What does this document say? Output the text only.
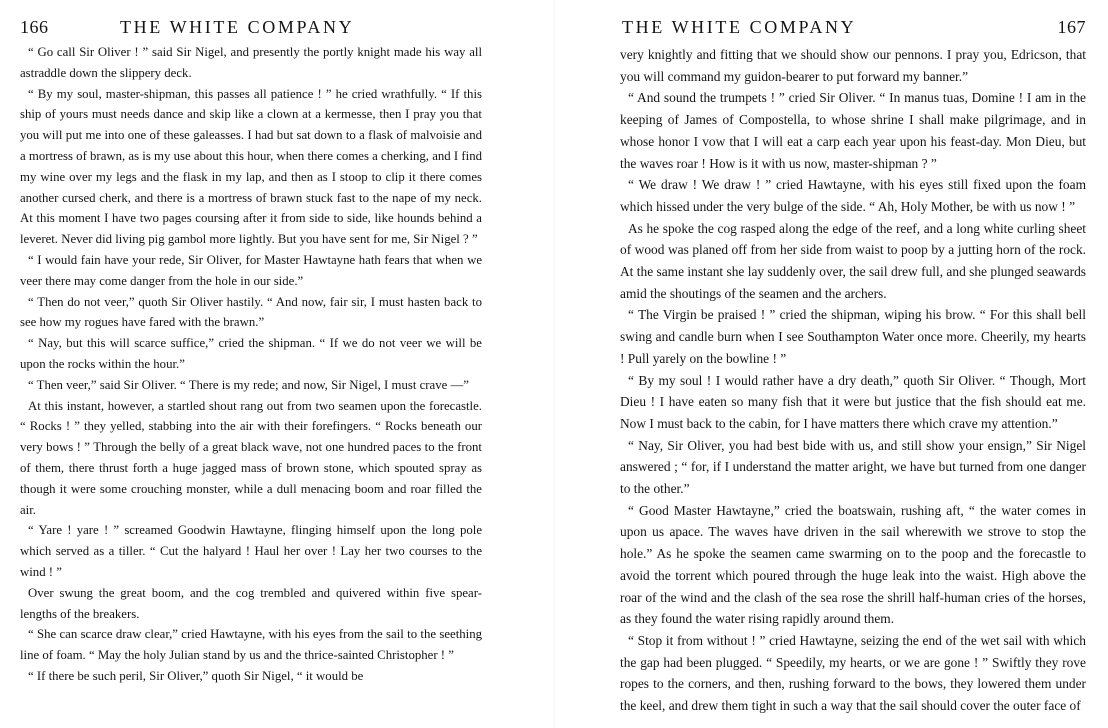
166	THE WHITE COMPANY

“ Go call Sir Oliver ! ” said Sir Nigel, and presently the portly knight made his way all astraddle down the slippery deck.

“ By my soul, master-shipman, this passes all patience ! ” he cried wrathfully. “ If this ship of yours must needs dance and skip like a clown at a kermesse, then I pray you that you will put me into one of these galeasses. I had but sat down to a flask of malvoisie and a mortress of brawn, as is my use about this hour, when there comes a cherking, and I find my wine over my legs and the flask in my lap, and then as I stoop to clip it there comes another cursed cherk, and there is a mortress of brawn stuck fast to the nape of my neck. At this moment I have two pages coursing after it from side to side, like hounds behind a leveret. Never did living pig gambol more lightly. But you have sent for me, Sir Nigel ? ”

“ I would fain have your rede, Sir Oliver, for Master Hawtayne hath fears that when we veer there may come danger from the hole in our side.”

“ Then do not veer,” quoth Sir Oliver hastily. “ And now, fair sir, I must hasten back to see how my rogues have fared with the brawn.”

“ Nay, but this will scarce suffice,” cried the shipman. “ If we do not veer we will be upon the rocks within the hour.”

“ Then veer,” said Sir Oliver. “ There is my rede; and now, Sir Nigel, I must crave —”

At this instant, however, a startled shout rang out from two seamen upon the forecastle. “ Rocks ! ” they yelled, stabbing into the air with their forefingers. “ Rocks beneath our very bows ! ” Through the belly of a great black wave, not one hundred paces to the front of them, there thrust forth a huge jagged mass of brown stone, which spouted spray as though it were some crouching monster, while a dull menacing boom and roar filled the air.

“ Yare ! yare ! ” screamed Goodwin Hawtayne, flinging himself upon the long pole which served as a tiller. “ Cut the halyard ! Haul her over ! Lay her two courses to the wind ! ”

Over swung the great boom, and the cog trembled and quivered within five spear-lengths of the breakers.

“ She can scarce draw clear,” cried Hawtayne, with his eyes from the sail to the seething line of foam. “ May the holy Julian stand by us and the thrice-sainted Christopher ! ”

“ If there be such peril, Sir Oliver,” quoth Sir Nigel, “ it would be

THE WHITE COMPANY	167

very knightly and fitting that we should show our pennons. I pray you, Edricson, that you will command my guidon-bearer to put forward my banner.”

“ And sound the trumpets ! ” cried Sir Oliver. “ In manus tuas, Domine ! I am in the keeping of James of Compostella, to whose shrine I shall make pilgrimage, and in whose honor I vow that I will eat a carp each year upon his feast-day. Mon Dieu, but the waves roar ! How is it with us now, master-shipman ? ”

“ We draw ! We draw ! ” cried Hawtayne, with his eyes still fixed upon the foam which hissed under the very bulge of the side. “ Ah, Holy Mother, be with us now ! ”

As he spoke the cog rasped along the edge of the reef, and a long white curling sheet of wood was planed off from her side from waist to poop by a jutting horn of the rock. At the same instant she lay suddenly over, the sail drew full, and she plunged seawards amid the shoutings of the seamen and the archers.

“ The Virgin be praised ! ” cried the shipman, wiping his brow. “ For this shall bell swing and candle burn when I see Southampton Water once more. Cheerily, my hearts ! Pull yarely on the bowline ! ”

“ By my soul ! I would rather have a dry death,” quoth Sir Oliver. “ Though, Mort Dieu ! I have eaten so many fish that it were but justice that the fish should eat me. Now I must back to the cabin, for I have matters there which crave my attention.”

“ Nay, Sir Oliver, you had best bide with us, and still show your ensign,” Sir Nigel answered ; “ for, if I understand the matter aright, we have but turned from one danger to the other.”

“ Good Master Hawtayne,” cried the boatswain, rushing aft, “ the water comes in upon us apace. The waves have driven in the sail wherewith we strove to stop the hole.” As he spoke the seamen came swarming on to the poop and the forecastle to avoid the torrent which poured through the huge leak into the waist. High above the roar of the wind and the clash of the sea rose the shrill half-human cries of the horses, as they found the water rising rapidly around them.

“ Stop it from without ! ” cried Hawtayne, seizing the end of the wet sail with which the gap had been plugged. “ Speedily, my hearts, or we are gone ! ” Swiftly they rove ropes to the corners, and then, rushing forward to the bows, they lowered them under the keel, and drew them tight in such a way that the sail should cover the outer face of
